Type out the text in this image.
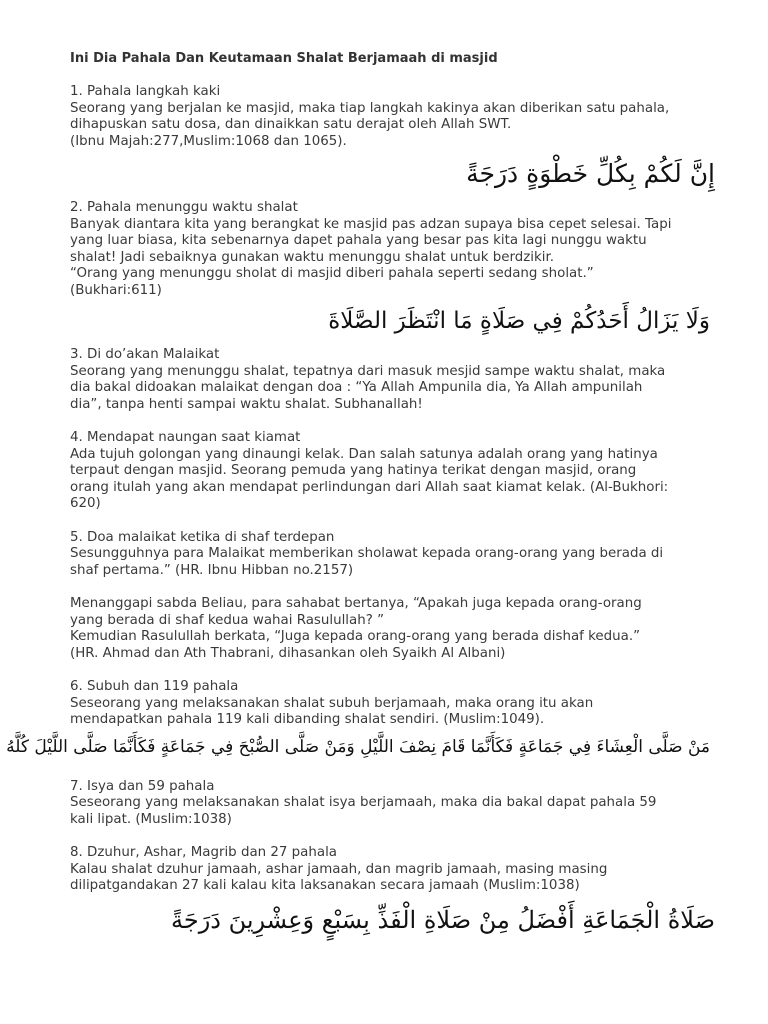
Ini Dia Pahala Dan Keutamaan Shalat Berjamaah di masjid
1. Pahala langkah kaki
Seorang yang berjalan ke masjid, maka tiap langkah kakinya akan diberikan satu pahala,
dihapuskan satu dosa, dan dinaikkan satu derajat oleh Allah SWT.
(Ibnu Majah:277,Muslim:1068 dan 1065).
إِنَّ لَكُمْ بِكُلِّ خَطْوَةٍ دَرَجَةً
2. Pahala menunggu waktu shalat
Banyak diantara kita yang berangkat ke masjid pas adzan supaya bisa cepet selesai. Tapi
yang luar biasa, kita sebenarnya dapet pahala yang besar pas kita lagi nunggu waktu
shalat! Jadi sebaiknya gunakan waktu menunggu shalat untuk berdzikir.
“Orang yang menunggu sholat di masjid diberi pahala seperti sedang sholat.”
(Bukhari:611)
وَلَا يَزَالُ أَحَدُكُمْ فِي صَلَاةٍ مَا انْتَظَرَ الصَّلَاةَ
3. Di do’akan Malaikat
Seorang yang menunggu shalat, tepatnya dari masuk mesjid sampe waktu shalat, maka
dia bakal didoakan malaikat dengan doa : “Ya Allah Ampunila dia, Ya Allah ampunilah
dia”, tanpa henti sampai waktu shalat. Subhanallah!
4. Mendapat naungan saat kiamat
Ada tujuh golongan yang dinaungi kelak. Dan salah satunya adalah orang yang hatinya
terpaut dengan masjid. Seorang pemuda yang hatinya terikat dengan masjid, orang
orang itulah yang akan mendapat perlindungan dari Allah saat kiamat kelak. (Al-Bukhori:
620)
5. Doa malaikat ketika di shaf terdepan
Sesungguhnya para Malaikat memberikan sholawat kepada orang-orang yang berada di
shaf pertama.” (HR. Ibnu Hibban no.2157)
Menanggapi sabda Beliau, para sahabat bertanya, “Apakah juga kepada orang-orang
yang berada di shaf kedua wahai Rasulullah? ”
Kemudian Rasulullah berkata, “Juga kepada orang-orang yang berada dishaf kedua.”
(HR. Ahmad dan Ath Thabrani, dihasankan oleh Syaikh Al Albani)
6. Subuh dan 119 pahala
Seseorang yang melaksanakan shalat subuh berjamaah, maka orang itu akan
mendapatkan pahala 119 kali dibanding shalat sendiri. (Muslim:1049).
مَنْ صَلَّى الْعِشَاءَ فِي جَمَاعَةٍ فَكَأَنَّمَا قَامَ نِصْفَ اللَّيْلِ وَمَنْ صَلَّى الصُّبْحَ فِي جَمَاعَةٍ فَكَأَنَّمَا صَلَّى اللَّيْلَ كُلَّهُ
7. Isya dan 59 pahala
Seseorang yang melaksanakan shalat isya berjamaah, maka dia bakal dapat pahala 59
kali lipat. (Muslim:1038)
8. Dzuhur, Ashar, Magrib dan 27 pahala
Kalau shalat dzuhur jamaah, ashar jamaah, dan magrib jamaah, masing masing
dilipatgandakan 27 kali kalau kita laksanakan secara jamaah (Muslim:1038)
صَلَاةُ الْجَمَاعَةِ أَفْضَلُ مِنْ صَلَاةِ الْفَذِّ بِسَبْعٍ وَعِشْرِينَ دَرَجَةً
